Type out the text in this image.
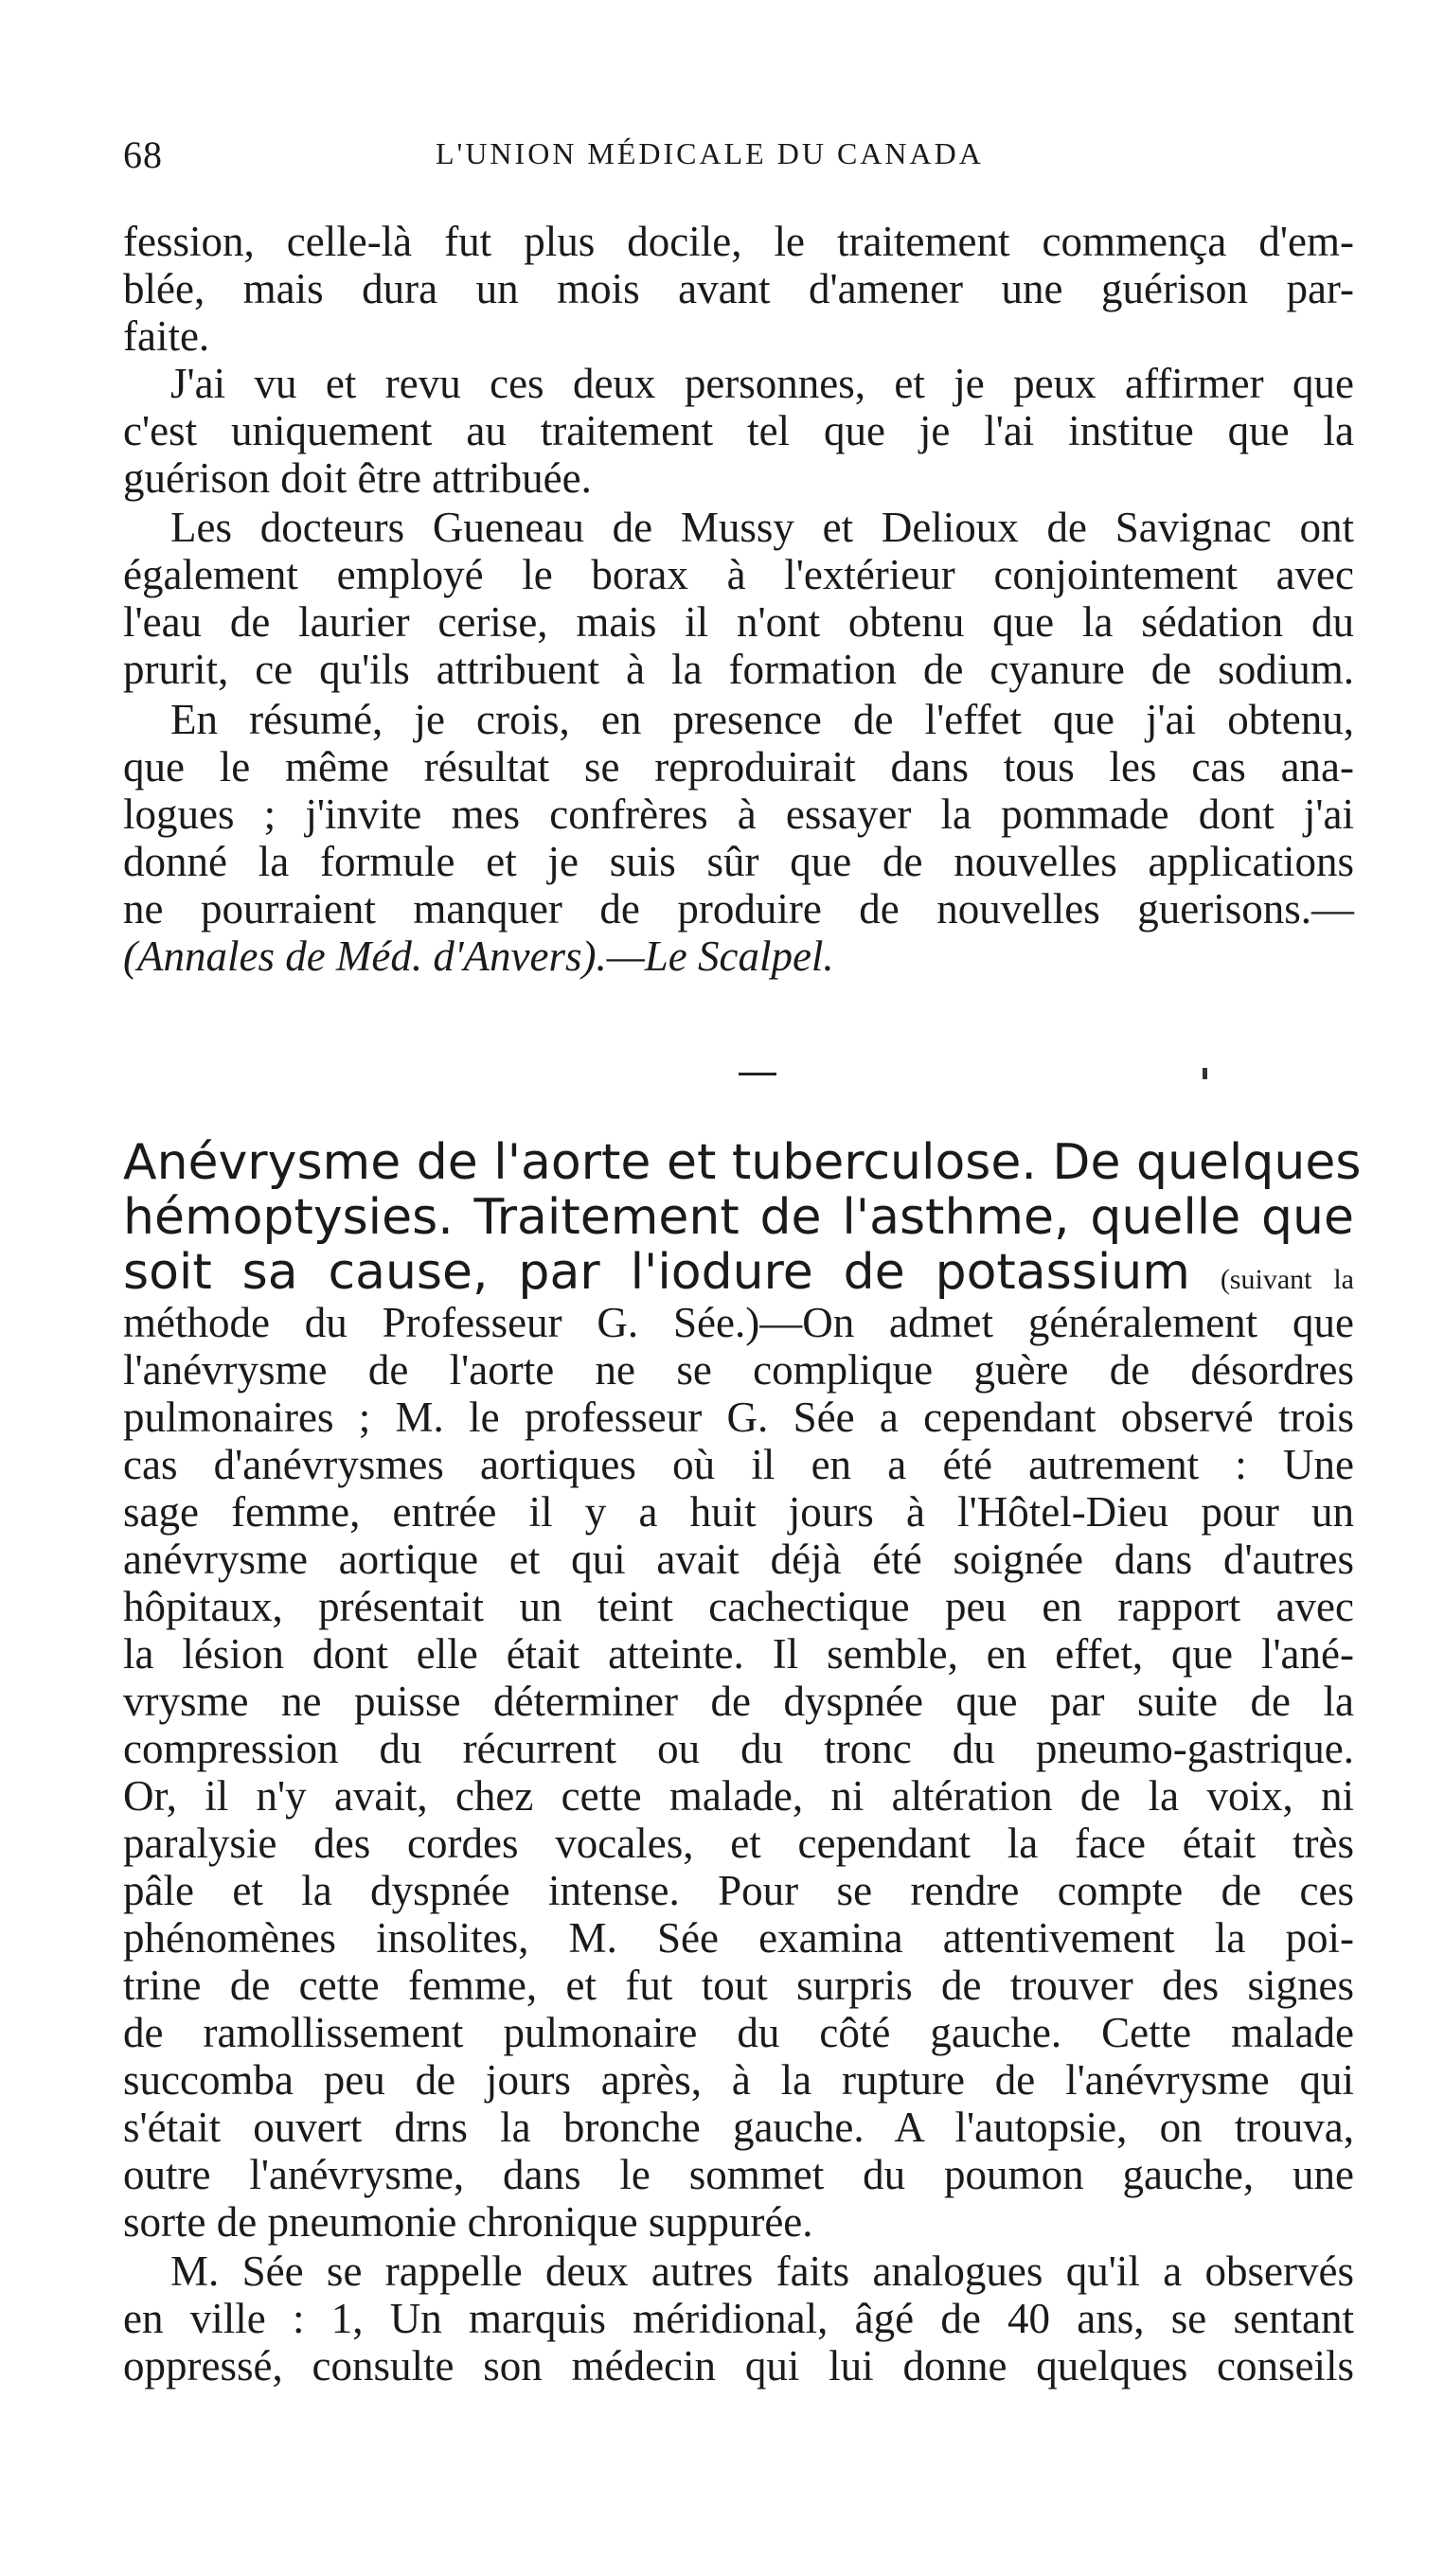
68	L'UNION MÉDICALE DU CANADA
fession, celle-là fut plus docile, le traitement commença d'em-
blée, mais dura un mois avant d'amener une guérison par-
faite.
J'ai vu et revu ces deux personnes, et je peux affirmer que
c'est uniquement au traitement tel que je l'ai institue que la
guérison doit être attribuée.
Les docteurs Gueneau de Mussy et Delioux de Savignac ont
également employé le borax à l'extérieur conjointement avec
l'eau de laurier cerise, mais il n'ont obtenu que la sédation du
prurit, ce qu'ils attribuent à la formation de cyanure de sodium.
En résumé, je crois, en presence de l'effet que j'ai obtenu,
que le même résultat se reproduirait dans tous les cas ana-
logues ; j'invite mes confrères à essayer la pommade dont j'ai
donné la formule et je suis sûr que de nouvelles applications
ne pourraient manquer de produire de nouvelles guerisons.—
(Annales de Méd. d'Anvers).—Le Scalpel.
Anévrysme de l'aorte et tuberculose. De quelques
hémoptysies. Traitement de l'asthme, quelle que
soit sa cause, par l'iodure de potassium (suivant la
méthode du Professeur G. Sée.)—On admet généralement que
l'anévrysme de l'aorte ne se complique guère de désordres
pulmonaires ; M. le professeur G. Sée a cependant observé trois
cas d'anévrysmes aortiques où il en a été autrement : Une
sage femme, entrée il y a huit jours à l'Hôtel-Dieu pour un
anévrysme aortique et qui avait déjà été soignée dans d'autres
hôpitaux, présentait un teint cachectique peu en rapport avec
la lésion dont elle était atteinte. Il semble, en effet, que l'ané-
vrysme ne puisse déterminer de dyspnée que par suite de la
compression du récurrent ou du tronc du pneumo-gastrique.
Or, il n'y avait, chez cette malade, ni altération de la voix, ni
paralysie des cordes vocales, et cependant la face était très
pâle et la dyspnée intense. Pour se rendre compte de ces
phénomènes insolites, M. Sée examina attentivement la poi-
trine de cette femme, et fut tout surpris de trouver des signes
de ramollissement pulmonaire du côté gauche. Cette malade
succomba peu de jours après, à la rupture de l'anévrysme qui
s'était ouvert drns la bronche gauche. A l'autopsie, on trouva,
outre l'anévrysme, dans le sommet du poumon gauche, une
sorte de pneumonie chronique suppurée.
M. Sée se rappelle deux autres faits analogues qu'il a observés
en ville : 1, Un marquis méridional, âgé de 40 ans, se sentant
oppressé, consulte son médecin qui lui donne quelques conseils
